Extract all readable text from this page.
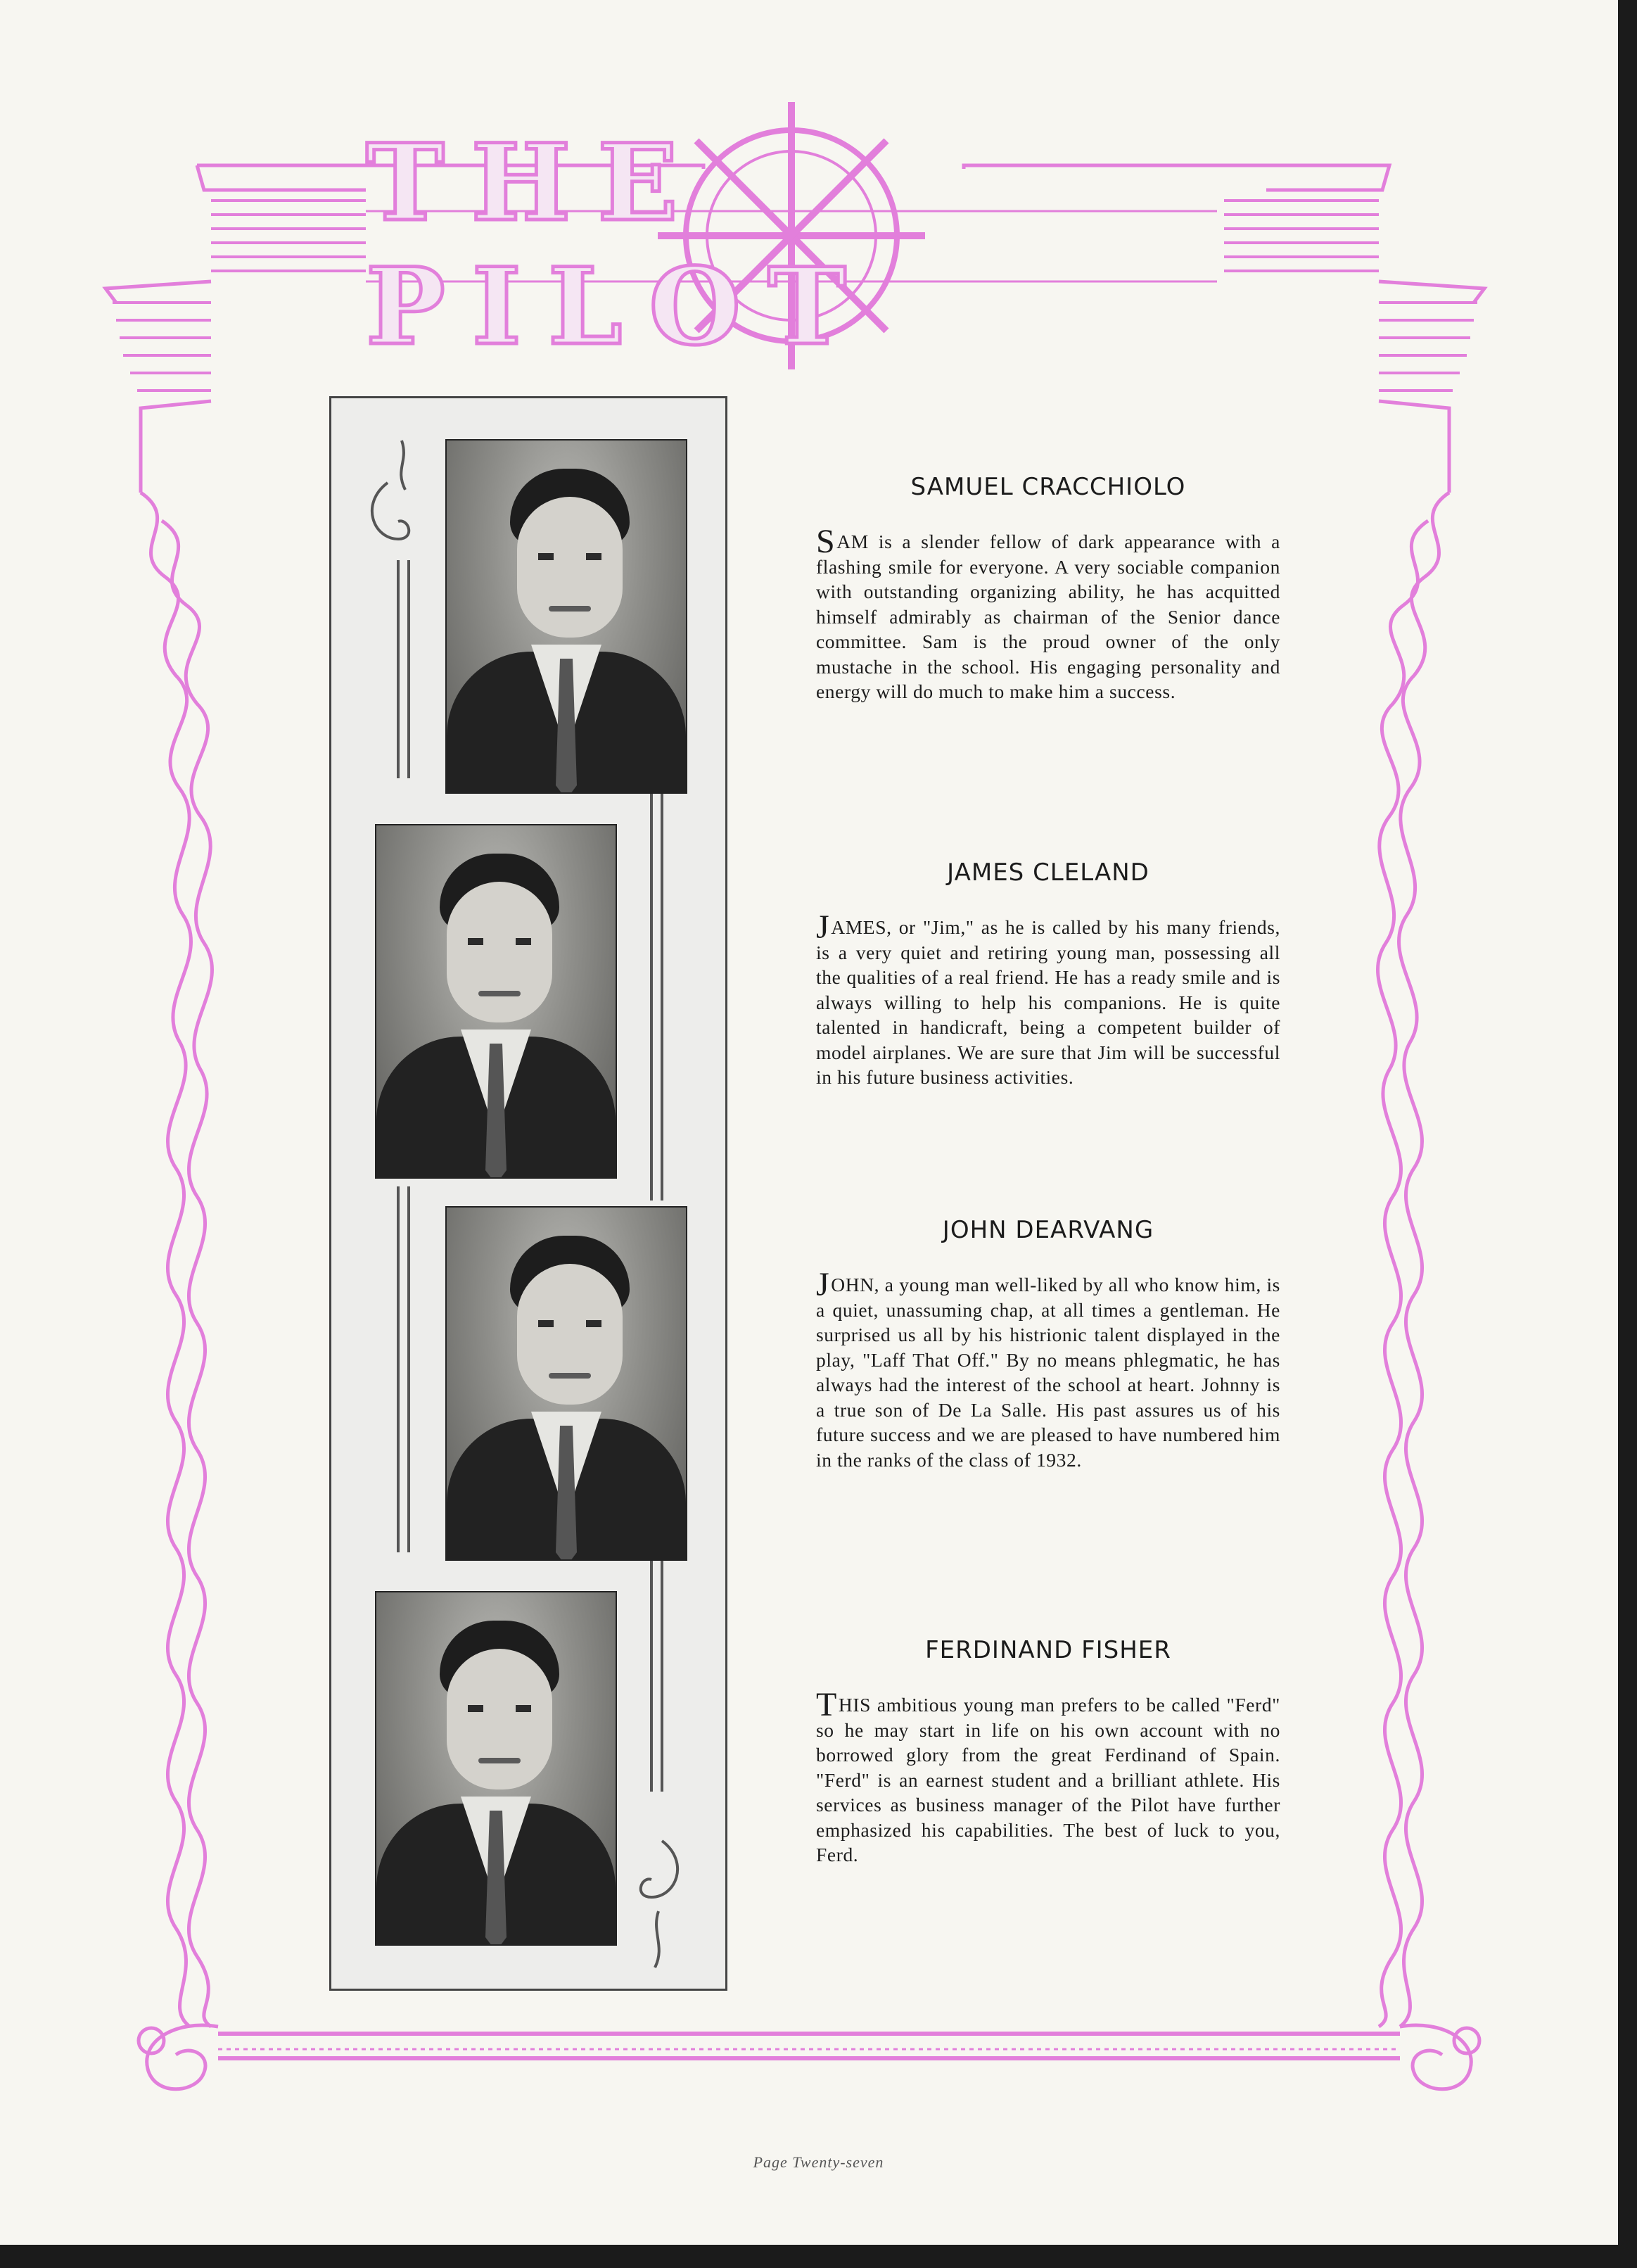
THE PILOT
SAMUEL CRACCHIOLO

SAM is a slender fellow of dark appearance with a flashing smile for everyone. A very sociable companion with outstanding organizing ability, he has acquitted himself admirably as chairman of the Senior dance committee. Sam is the proud owner of the only mustache in the school. His engaging personality and energy will do much to make him a success.

JAMES CLELAND

JAMES, or "Jim," as he is called by his many friends, is a very quiet and retiring young man, possessing all the qualities of a real friend. He has a ready smile and is always willing to help his companions. He is quite talented in handicraft, being a competent builder of model airplanes. We are sure that Jim will be successful in his future business activities.

JOHN DEARVANG

JOHN, a young man well-liked by all who know him, is a quiet, unassuming chap, at all times a gentleman. He surprised us all by his histrionic talent displayed in the play, "Laff That Off." By no means phlegmatic, he has always had the interest of the school at heart. Johnny is a true son of De La Salle. His past assures us of his future success and we are pleased to have numbered him in the ranks of the class of 1932.

FERDINAND FISHER

THIS ambitious young man prefers to be called "Ferd" so he may start in life on his own account with no borrowed glory from the great Ferdinand of Spain. "Ferd" is an earnest student and a brilliant athlete. His services as business manager of the Pilot have further emphasized his capabilities. The best of luck to you, Ferd.

Page Twenty-seven
